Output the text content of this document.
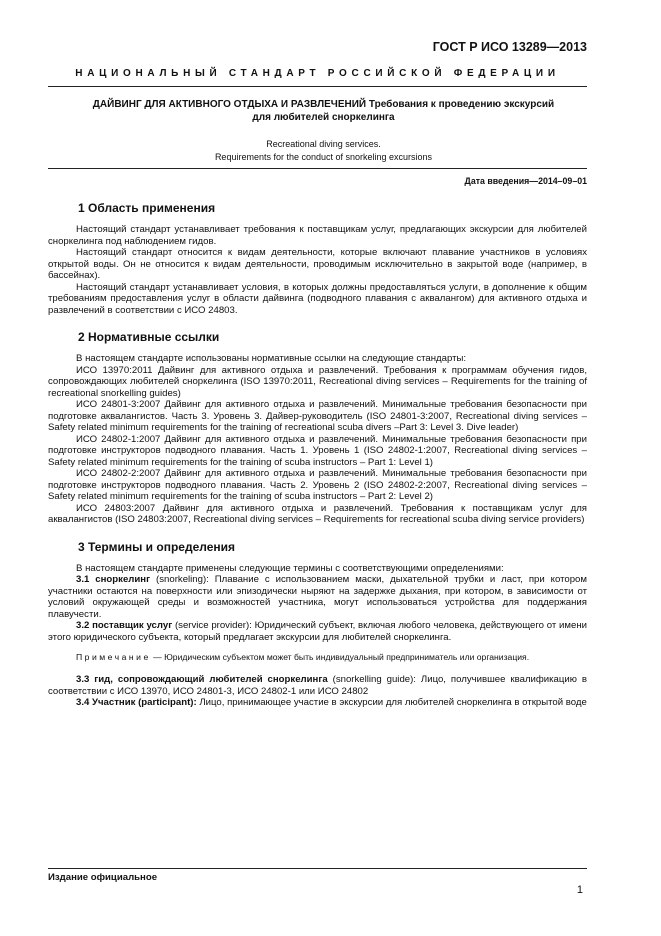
ГОСТ Р ИСО 13289—2013
НАЦИОНАЛЬНЫЙ СТАНДАРТ РОССИЙСКОЙ ФЕДЕРАЦИИ
ДАЙВИНГ ДЛЯ АКТИВНОГО ОТДЫХА И РАЗВЛЕЧЕНИЙ Требования к проведению экскурсий
для любителей сноркелинга
Recreational diving services.
Requirements for the conduct of snorkeling excursions
Дата введения—2014–09–01
1 Область применения

Настоящий стандарт устанавливает требования к поставщикам услуг, предлагающих экскурсии для любителей сноркелинга под наблюдением гидов.

Настоящий стандарт относится к видам деятельности, которые включают плавание участников в условиях открытой воды. Он не относится к видам деятельности, проводимым исключительно в закрытой воде (например, в бассейнах).

Настоящий стандарт устанавливает условия, в которых должны предоставляться услуги, в дополнение к общим требованиям предоставления услуг в области дайвинга (подводного плавания с аквалангом) для активного отдыха и развлечений в соответствии с ИСО 24803.

2 Нормативные ссылки

В настоящем стандарте использованы нормативные ссылки на следующие стандарты:

ИСО 13970:2011 Дайвинг для активного отдыха и развлечений. Требования к программам обучения гидов, сопровождающих любителей сноркелинга (ISO 13970:2011, Recreational diving services – Requirements for the training of recreational snorkelling guides)

ИСО 24801-3:2007 Дайвинг для активного отдыха и развлечений. Минимальные требования безопасности при подготовке аквалангистов. Часть 3. Уровень 3. Дайвер-руководитель (ISO 24801-3:2007, Recreational diving services – Safety related minimum requirements for the training of recreational scuba divers –Part 3: Level 3. Dive leader)

ИСО 24802-1:2007 Дайвинг для активного отдыха и развлечений. Минимальные требования безопасности при подготовке инструкторов подводного плавания. Часть 1. Уровень 1 (ISO 24802-1:2007, Recreational diving services – Safety related minimum requirements for the training of scuba instructors – Part 1: Level 1)

ИСО 24802-2:2007 Дайвинг для активного отдыха и развлечений. Минимальные требования безопасности при подготовке инструкторов подводного плавания. Часть 2. Уровень 2 (ISO 24802-2:2007, Recreational diving services – Safety related minimum requirements for the training of scuba instructors – Part 2: Level 2)

ИСО 24803:2007 Дайвинг для активного отдыха и развлечений. Требования к поставщикам услуг для аквалангистов (ISO 24803:2007, Recreational diving services – Requirements for recreational scuba diving service providers)

3 Термины и определения

В настоящем стандарте применены следующие термины с соответствующими определениями:

3.1 сноркелинг (snorkeling): Плавание с использованием маски, дыхательной трубки и ласт, при котором участники остаются на поверхности или эпизодически ныряют на задержке дыхания, при котором, в зависимости от условий окружающей среды и возможностей участника, могут использоваться устройства для поддержания плавучести.

3.2 поставщик услуг (service provider): Юридический субъект, включая любого человека, действующего от имени этого юридического субъекта, который предлагает экскурсии для любителей сноркелинга.

Примечание — Юридическим субъектом может быть индивидуальный предприниматель или организация.

3.3 гид, сопровождающий любителей сноркелинга (snorkelling guide): Лицо, получившее квалификацию в соответствии с ИСО 13970, ИСО 24801-3, ИСО 24802-1 или ИСО 24802

3.4 Участник (participant): Лицо, принимающее участие в экскурсии для любителей сноркелинга в открытой воде

Издание официальное
1
